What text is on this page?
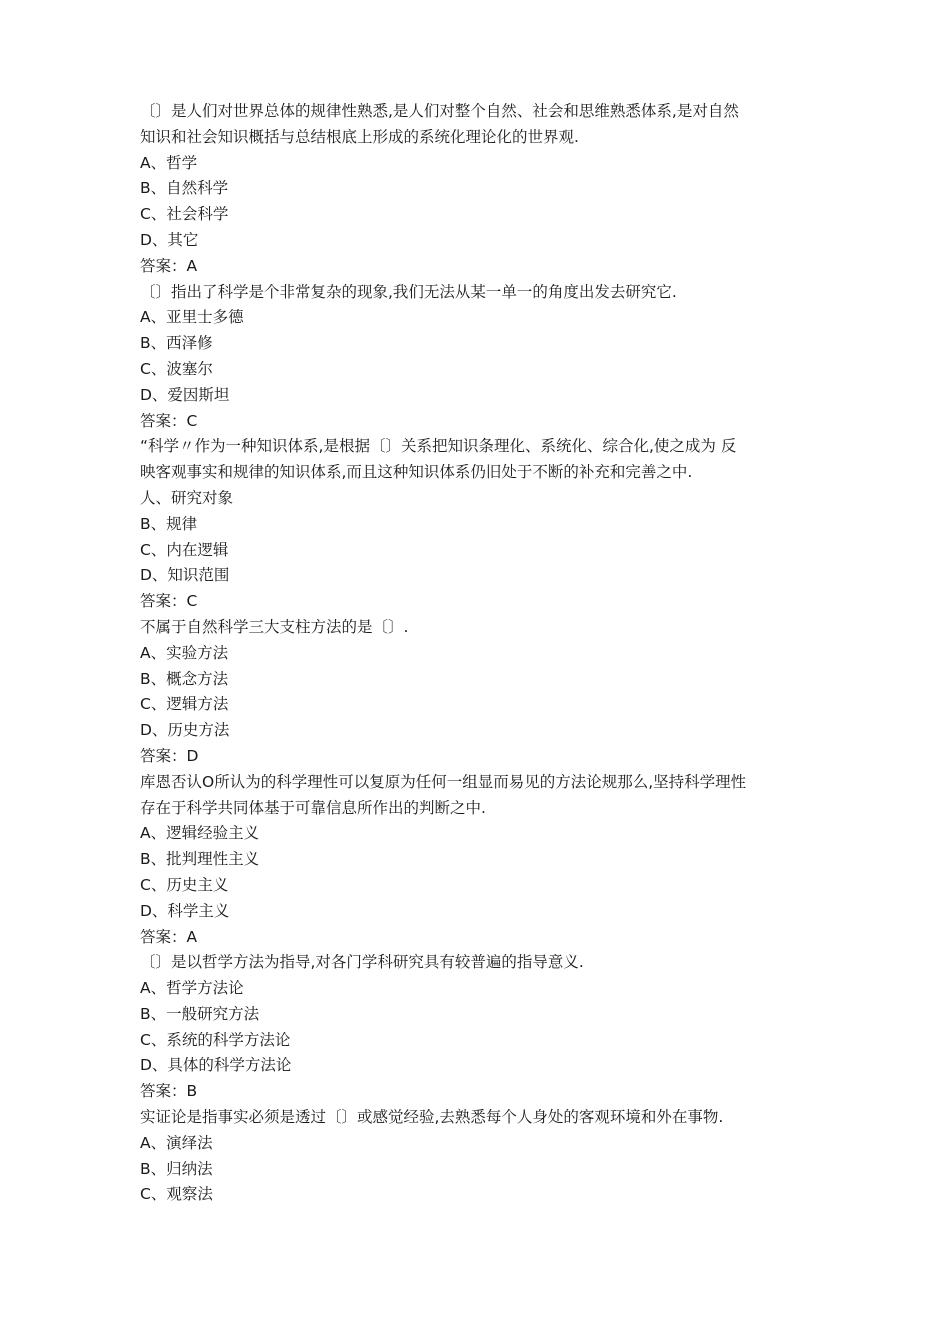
〔〕是人们对世界总体的规律性熟悉,是人们对整个自然、社会和思维熟悉体系,是对自然

知识和社会知识概括与总结根底上形成的系统化理论化的世界观.

A、哲学

B、自然科学

C、社会科学

D、其它

答案：A

〔〕指出了科学是个非常复杂的现象,我们无法从某一单一的角度出发去研究它.

A、亚里士多德

B、西泽修

C、波塞尔

D、爱因斯坦

答案：C

“科学〃作为一种知识体系,是根据〔〕关系把知识条理化、系统化、综合化,使之成为 反

映客观事实和规律的知识体系,而且这种知识体系仍旧处于不断的补充和完善之中.

人、研究对象

B、规律

C、内在逻辑

D、知识范围

答案：C

不属于自然科学三大支柱方法的是〔〕.

A、实验方法

B、概念方法

C、逻辑方法

D、历史方法

答案：D

库恩否认O所认为的科学理性可以复原为任何一组显而易见的方法论规那么,坚持科学理性

存在于科学共同体基于可靠信息所作出的判断之中.

A、逻辑经验主义

B、批判理性主义

C、历史主义

D、科学主义

答案：A

〔〕是以哲学方法为指导,对各门学科研究具有较普遍的指导意义.

A、哲学方法论

B、一般研究方法

C、系统的科学方法论

D、具体的科学方法论

答案：B

实证论是指事实必须是透过〔〕或感觉经验,去熟悉每个人身处的客观环境和外在事物.

A、演绎法

B、归纳法

C、观察法
